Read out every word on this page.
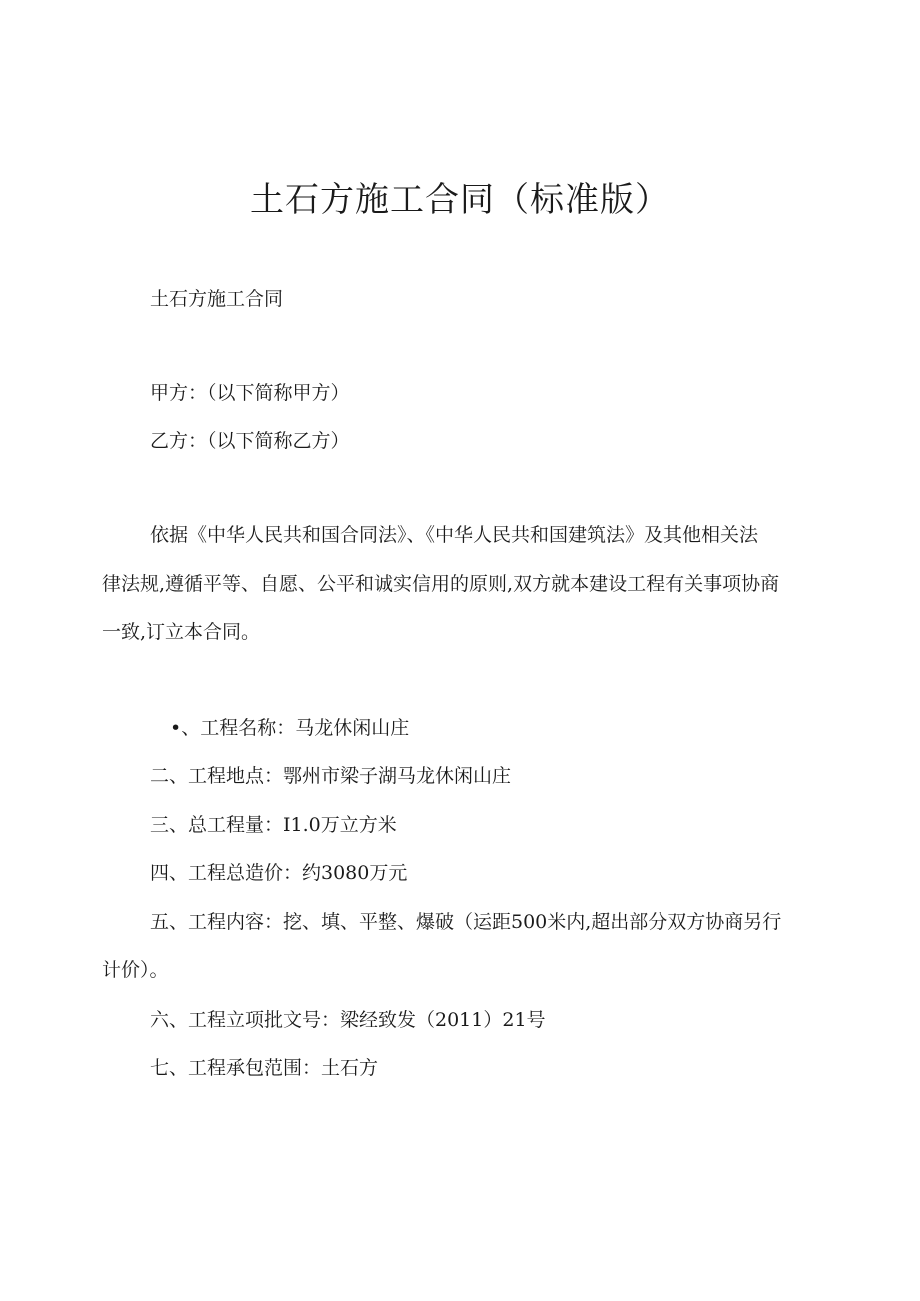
土石方施工合同（标准版）

土石方施工合同

甲方：（以下简称甲方）

乙方：（以下简称乙方）

依据《中华人民共和国合同法》、《中华人民共和国建筑法》及其他相关法

律法规,遵循平等、自愿、公平和诚实信用的原则,双方就本建设工程有关事项协商

一致,订立本合同。

•、工程名称：马龙休闲山庄

二、工程地点：鄂州市梁子湖马龙休闲山庄

三、总工程量：I1.0万立方米

四、工程总造价：约3080万元

五、工程内容：挖、填、平整、爆破（运距500米内,超出部分双方协商另行

计价）。

六、工程立项批文号：梁经致发（2011）21号

七、工程承包范围：土石方
